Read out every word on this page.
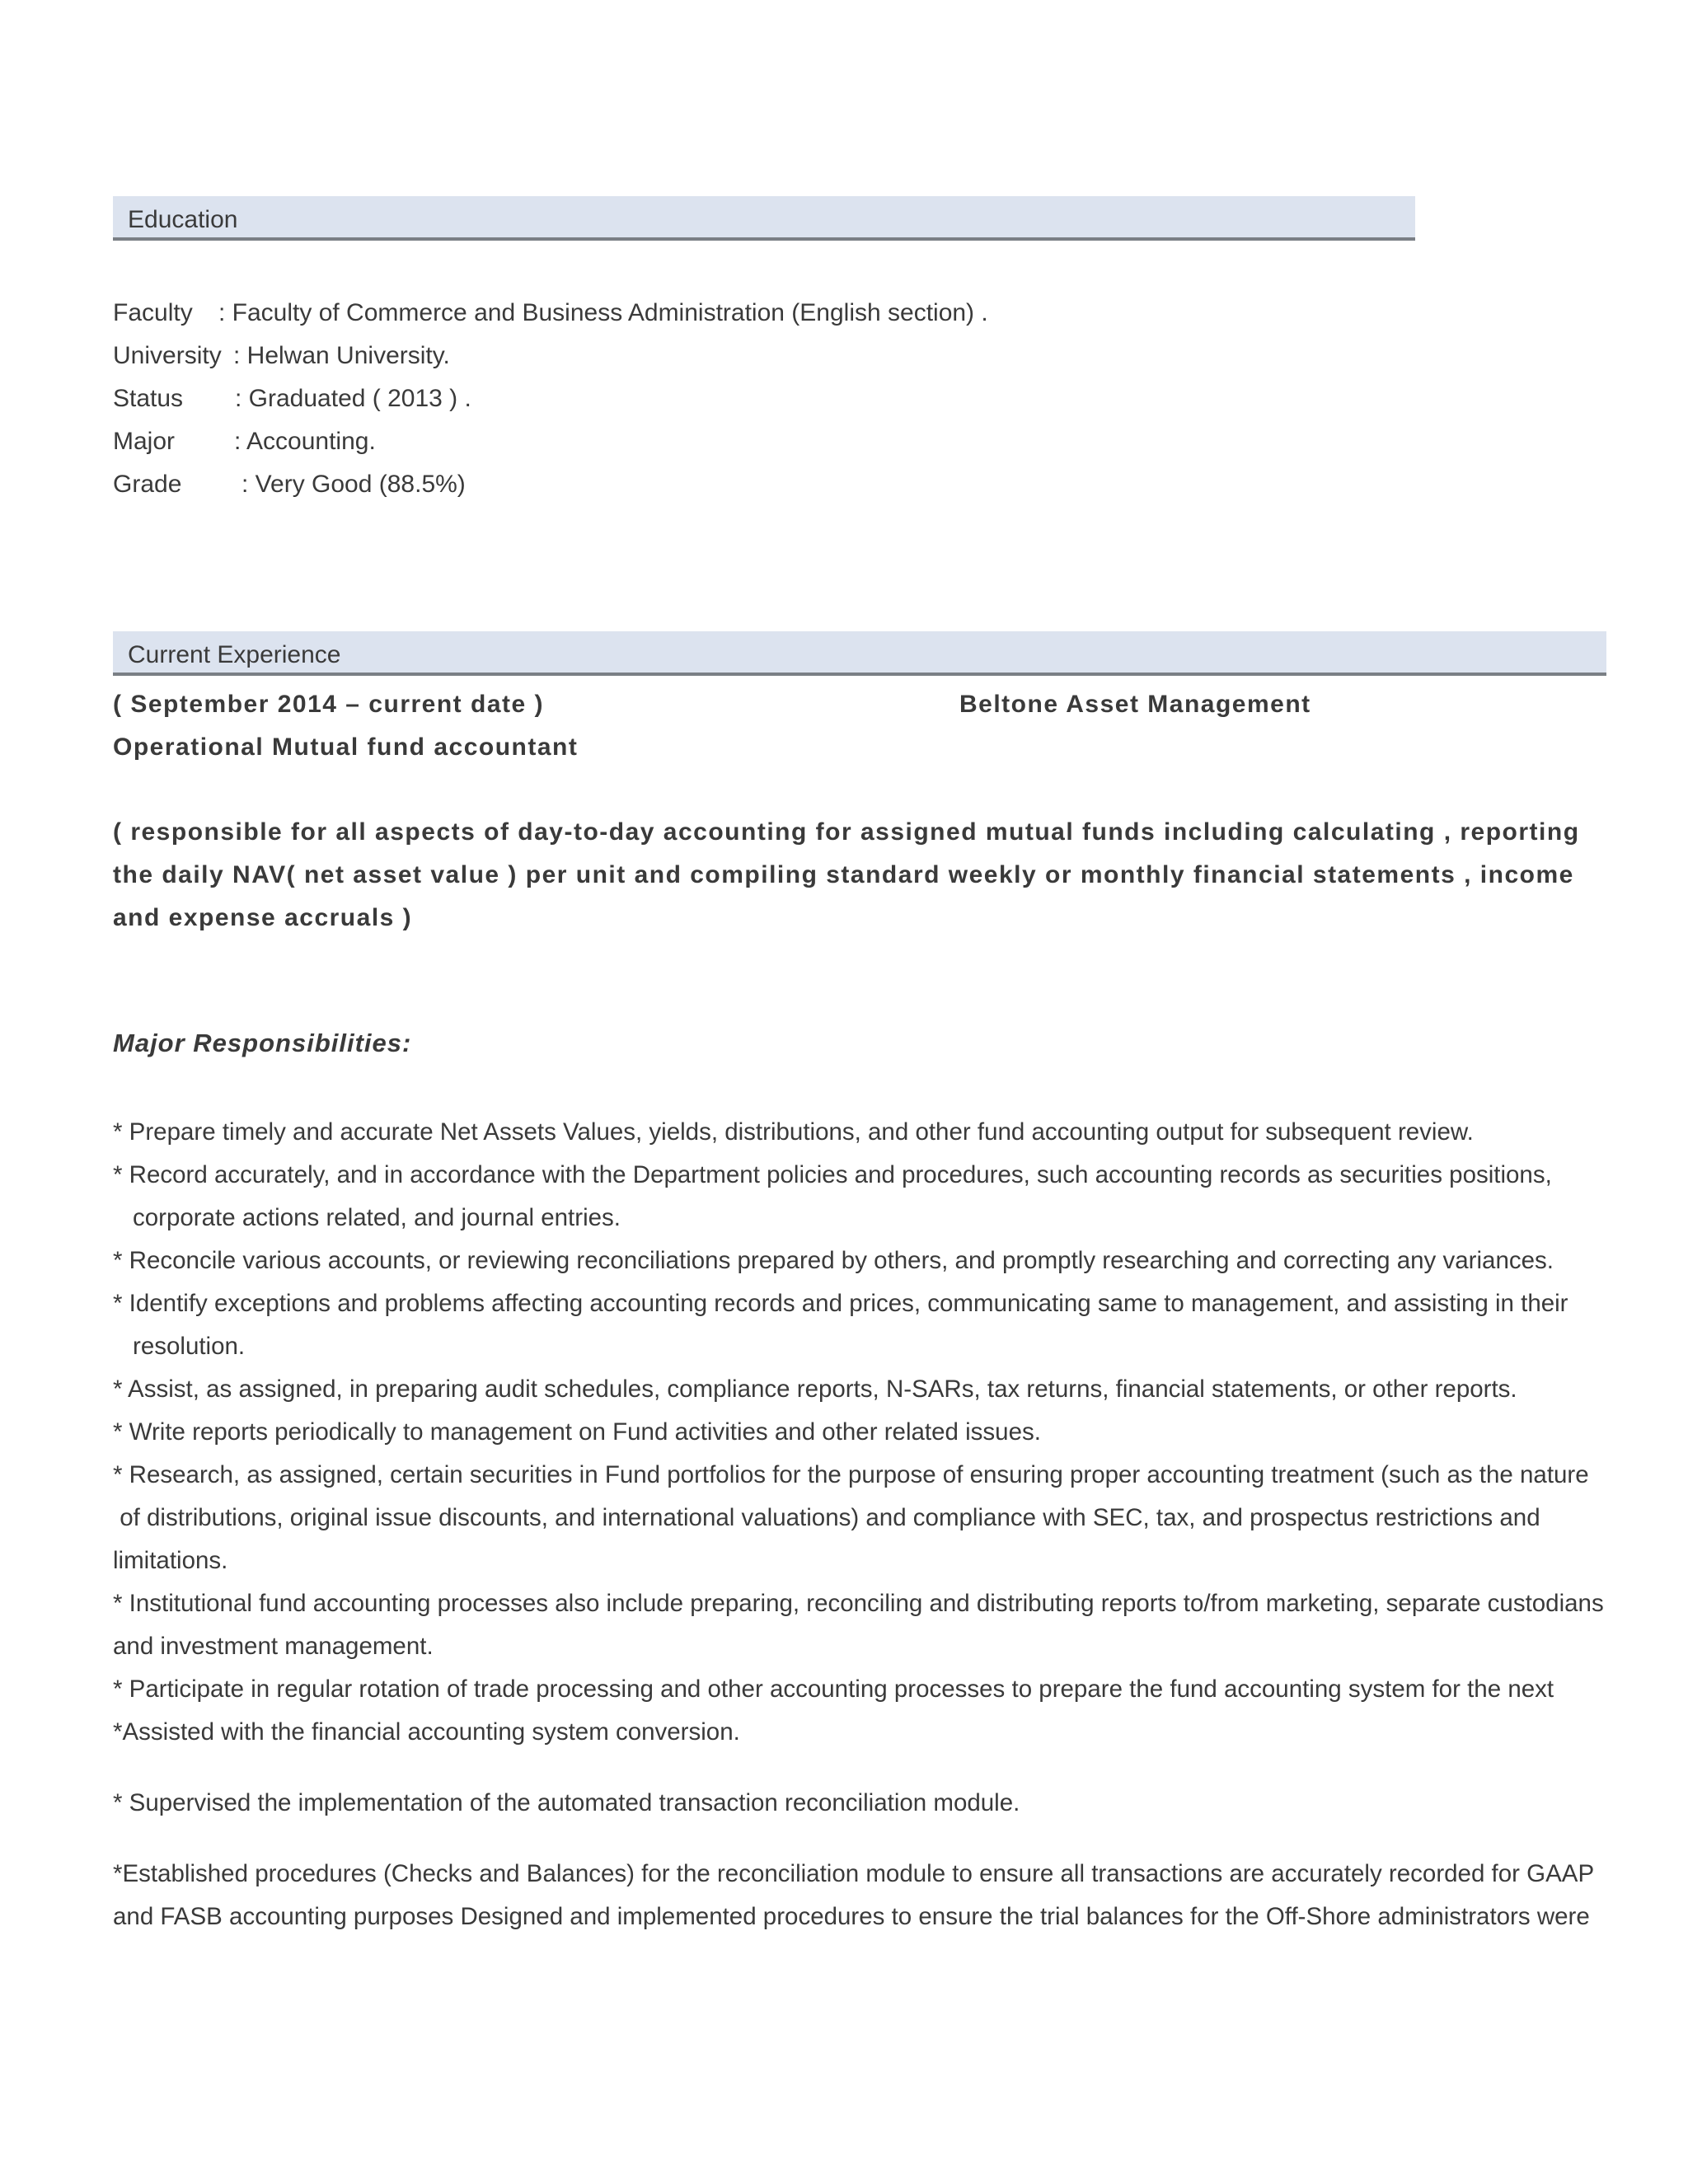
Education
Faculty : Faculty of Commerce and Business Administration (English section) .
University : Helwan University.
Status : Graduated ( 2013 ) .
Major : Accounting.
Grade : Very Good (88.5%)
Current Experience
( September 2014 – current date )	Beltone Asset Management
Operational Mutual fund accountant
( responsible for all aspects of day-to-day accounting for assigned mutual funds including calculating , reporting the daily NAV( net asset value ) per unit and compiling standard weekly or monthly financial statements , income and expense accruals )
Major Responsibilities:
* Prepare timely and accurate Net Assets Values, yields, distributions, and other fund accounting output for subsequent review.
* Record accurately, and in accordance with the Department policies and procedures, such accounting records as securities positions,
corporate actions related, and journal entries.
* Reconcile various accounts, or reviewing reconciliations prepared by others, and promptly researching and correcting any variances.
* Identify exceptions and problems affecting accounting records and prices, communicating same to management, and assisting in their
resolution.
* Assist, as assigned, in preparing audit schedules, compliance reports, N-SARs, tax returns, financial statements, or other reports.
* Write reports periodically to management on Fund activities and other related issues.
* Research, as assigned, certain securities in Fund portfolios for the purpose of ensuring proper accounting treatment (such as the nature
of distributions, original issue discounts, and international valuations) and compliance with SEC, tax, and prospectus restrictions and
limitations.
* Institutional fund accounting processes also include preparing, reconciling and distributing reports to/from marketing, separate custodians
and investment management.
* Participate in regular rotation of trade processing and other accounting processes to prepare the fund accounting system for the next
*Assisted with the financial accounting system conversion.
* Supervised the implementation of the automated transaction reconciliation module.
*Established procedures (Checks and Balances) for the reconciliation module to ensure all transactions are accurately recorded for GAAP
and FASB accounting purposes Designed and implemented procedures to ensure the trial balances for the Off-Shore administrators were
